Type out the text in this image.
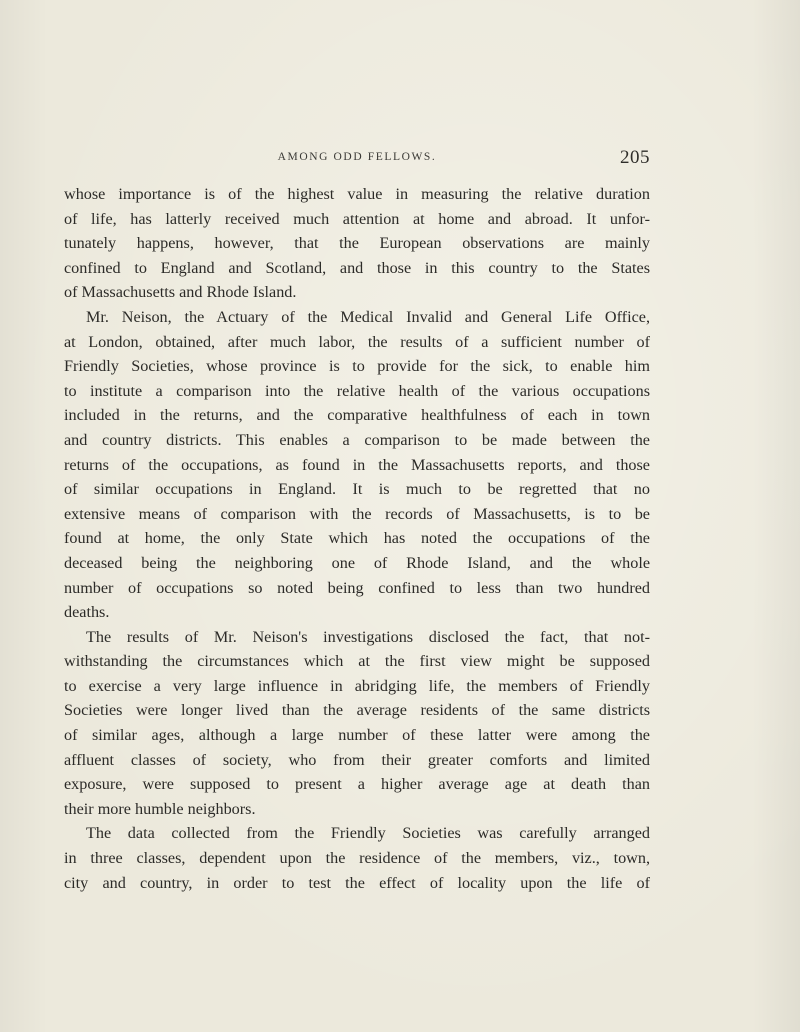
AMONG ODD FELLOWS.	205

whose importance is of the highest value in measuring the relative duration
of life, has latterly received much attention at home and abroad. It unfor-
tunately happens, however, that the European observations are mainly
confined to England and Scotland, and those in this country to the States
of Massachusetts and Rhode Island.

Mr. Neison, the Actuary of the Medical Invalid and General Life Office,
at London, obtained, after much labor, the results of a sufficient number of
Friendly Societies, whose province is to provide for the sick, to enable him
to institute a comparison into the relative health of the various occupations
included in the returns, and the comparative healthfulness of each in town
and country districts. This enables a comparison to be made between the
returns of the occupations, as found in the Massachusetts reports, and those
of similar occupations in England. It is much to be regretted that no
extensive means of comparison with the records of Massachusetts, is to be
found at home, the only State which has noted the occupations of the
deceased being the neighboring one of Rhode Island, and the whole
number of occupations so noted being confined to less than two hundred
deaths.

The results of Mr. Neison's investigations disclosed the fact, that not-
withstanding the circumstances which at the first view might be supposed
to exercise a very large influence in abridging life, the members of Friendly
Societies were longer lived than the average residents of the same districts
of similar ages, although a large number of these latter were among the
affluent classes of society, who from their greater comforts and limited
exposure, were supposed to present a higher average age at death than
their more humble neighbors.

The data collected from the Friendly Societies was carefully arranged
in three classes, dependent upon the residence of the members, viz., town,
city and country, in order to test the effect of locality upon the life of
